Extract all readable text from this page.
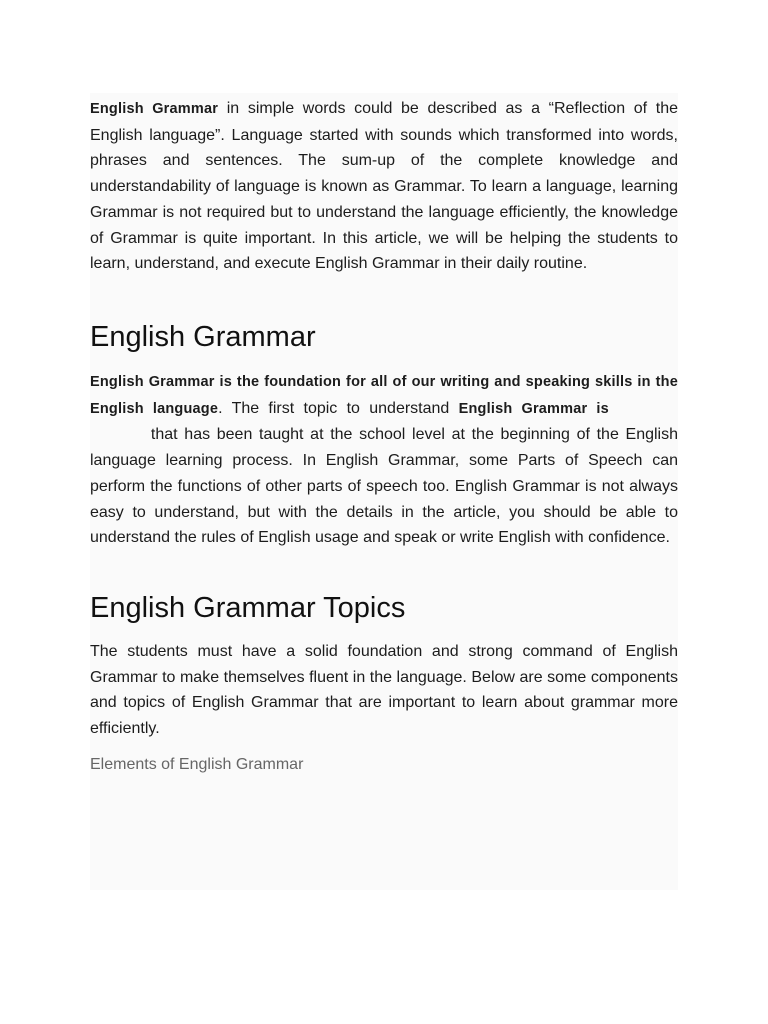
English Grammar in simple words could be described as a “Reflection of the English language”. Language started with sounds which transformed into words, phrases and sentences. The sum-up of the complete knowledge and understandability of language is known as Grammar. To learn a language, learning Grammar is not required but to understand the language efficiently, the knowledge of Grammar is quite important. In this article, we will be helping the students to learn, understand, and execute English Grammar in their daily routine.

English Grammar

English Grammar is the foundation for all of our writing and speaking skills in the English language. The first topic to understand English Grammar is Parts of Speech that has been taught at the school level at the beginning of the English language learning process. In English Grammar, some Parts of Speech can perform the functions of other parts of speech too. English Grammar is not always easy to understand, but with the details in the article, you should be able to understand the rules of English usage and speak or write English with confidence.

English Grammar Topics

The students must have a solid foundation and strong command of English Grammar to make themselves fluent in the language. Below are some components and topics of English Grammar that are important to learn about grammar more efficiently.

Elements of English Grammar
